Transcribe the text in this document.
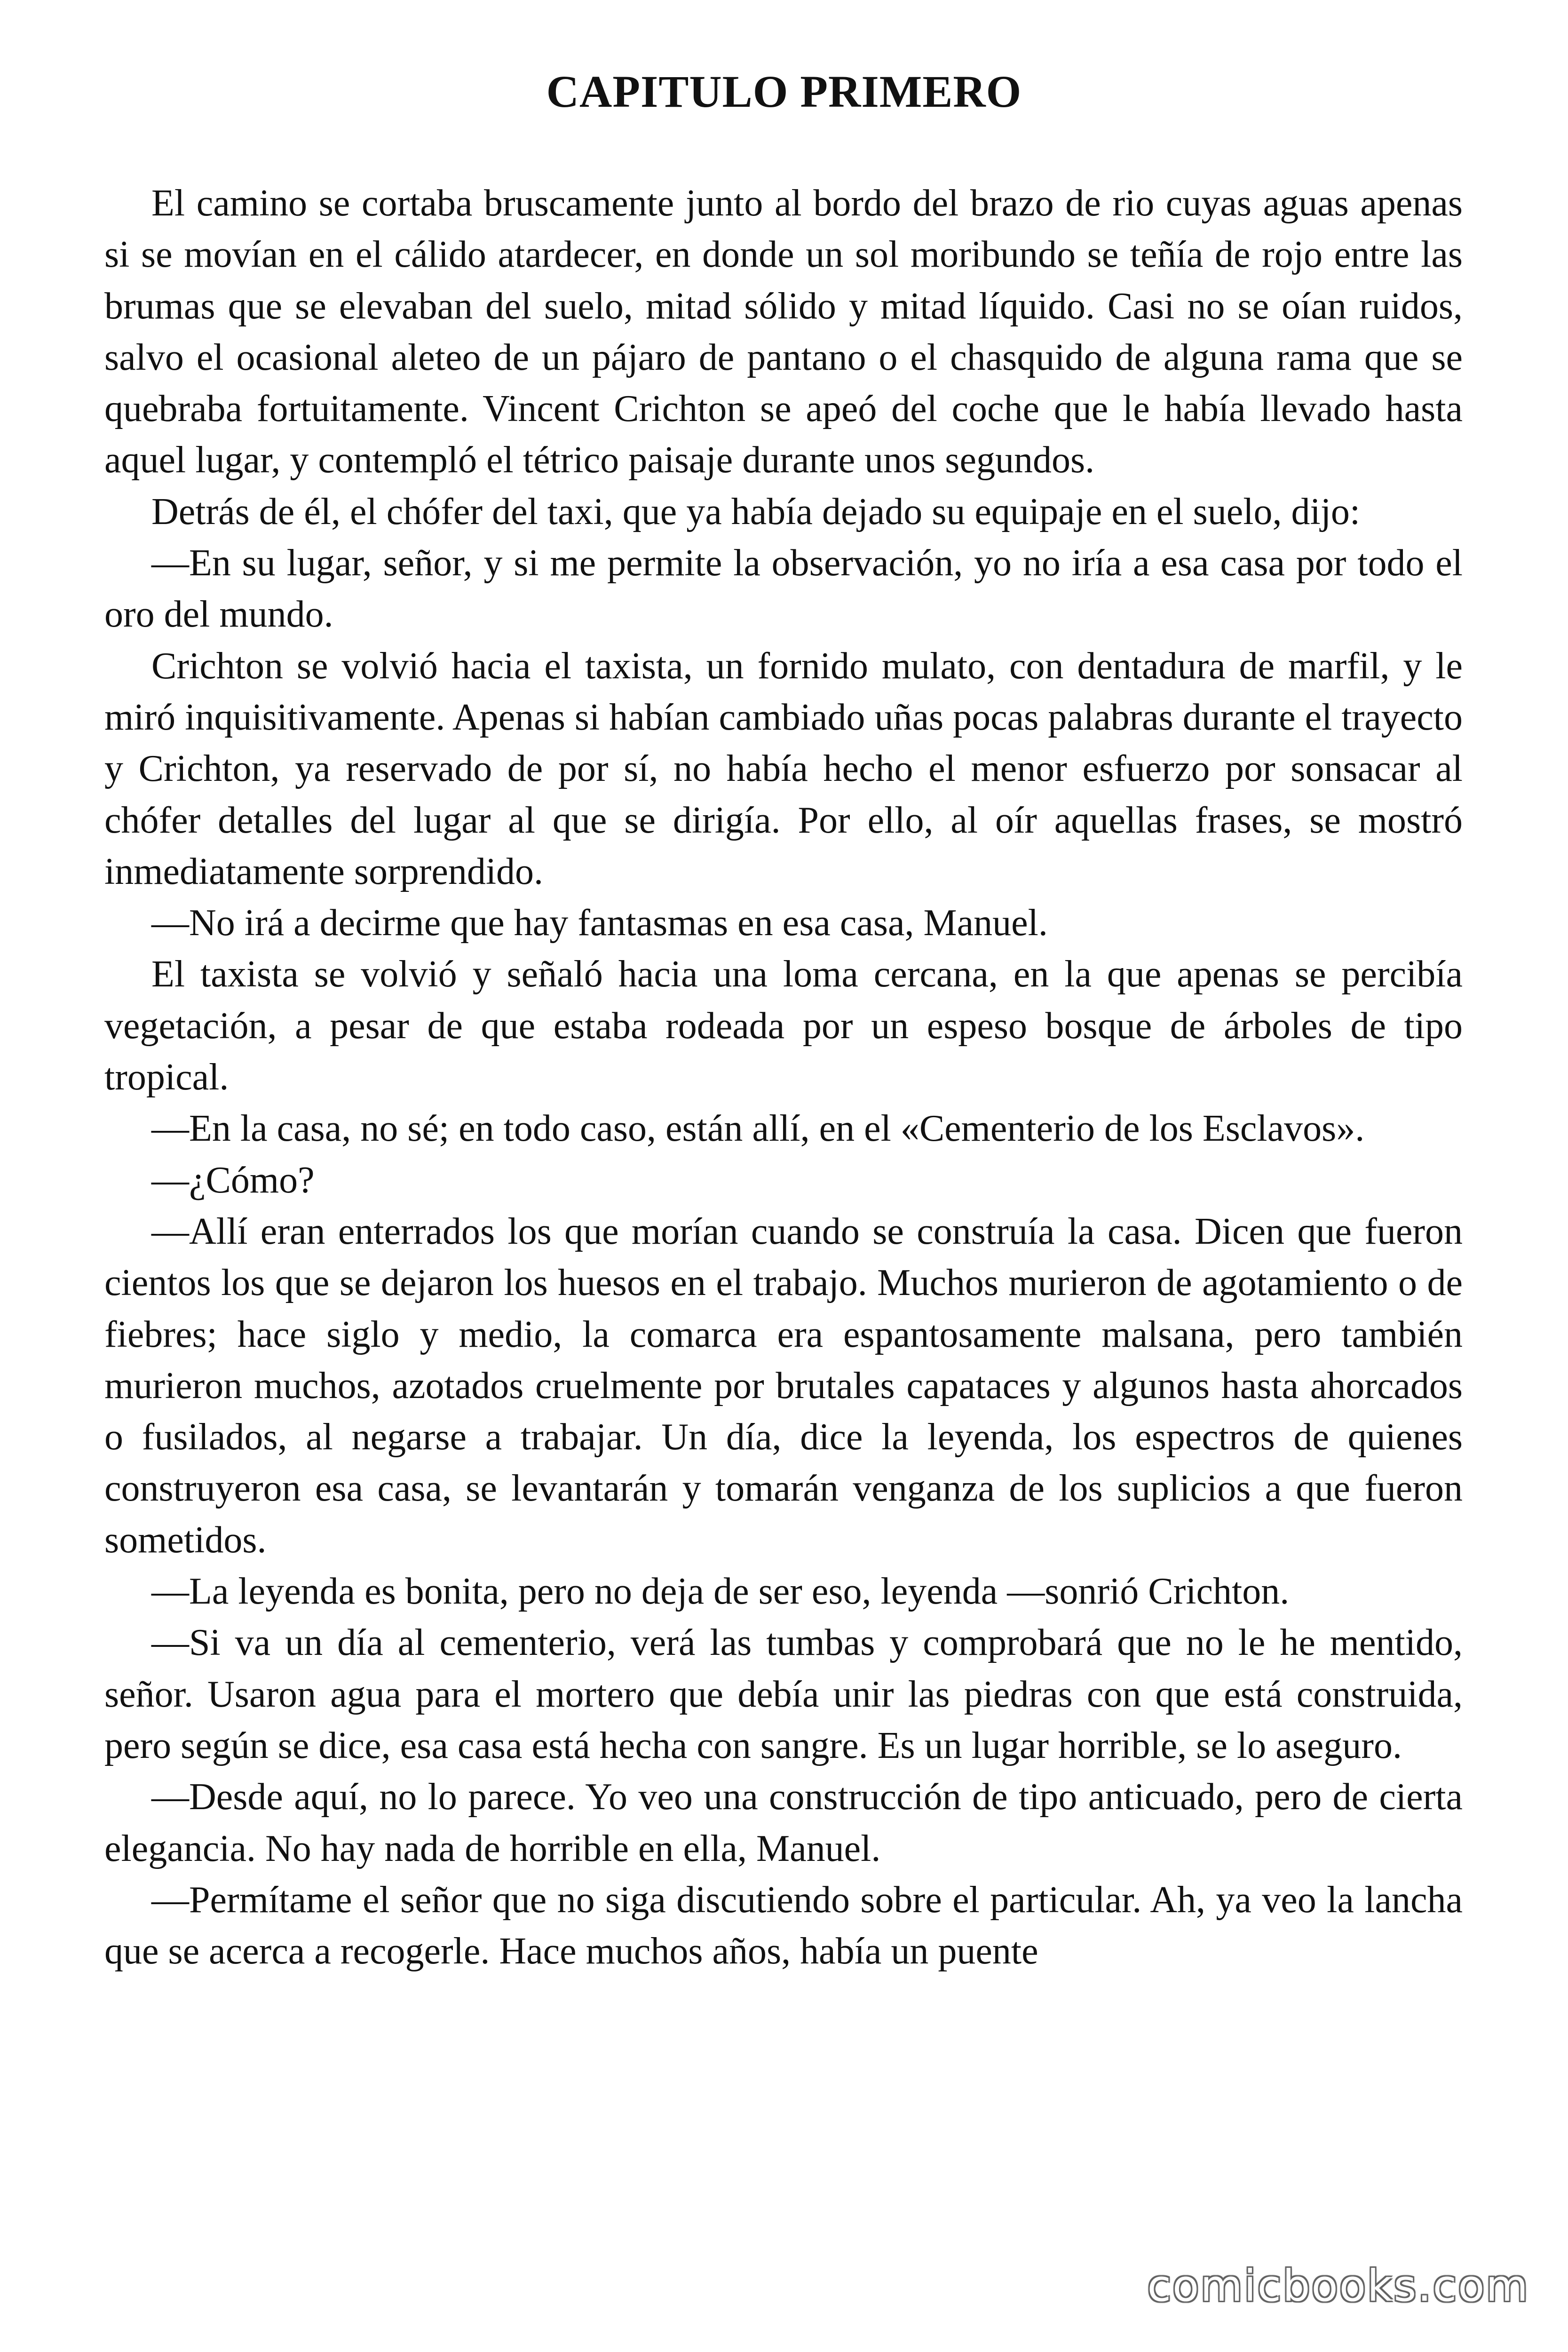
CAPITULO PRIMERO

El camino se cortaba bruscamente junto al bordo del brazo de rio cuyas aguas apenas si se movían en el cálido atardecer, en donde un sol moribundo se teñía de rojo entre las brumas que se elevaban del suelo, mitad sólido y mitad líquido. Casi no se oían ruidos, salvo el ocasional aleteo de un pájaro de pantano o el chasquido de alguna rama que se quebraba fortuitamente. Vincent Crichton se apeó del coche que le había llevado hasta aquel lugar, y contempló el tétrico paisaje durante unos segundos.

Detrás de él, el chófer del taxi, que ya había dejado su equipaje en el suelo, dijo:

—En su lugar, señor, y si me permite la observación, yo no iría a esa casa por todo el oro del mundo.

Crichton se volvió hacia el taxista, un fornido mulato, con dentadura de marfil, y le miró inquisitivamente. Apenas si habían cambiado uñas pocas palabras durante el trayecto y Crichton, ya reservado de por sí, no había hecho el menor esfuerzo por sonsacar al chófer detalles del lugar al que se dirigía. Por ello, al oír aquellas frases, se mostró inmediatamente sorprendido.

—No irá a decirme que hay fantasmas en esa casa, Manuel.

El taxista se volvió y señaló hacia una loma cercana, en la que apenas se percibía vegetación, a pesar de que estaba rodeada por un espeso bosque de árboles de tipo tropical.

—En la casa, no sé; en todo caso, están allí, en el «Cementerio de los Esclavos».

—¿Cómo?

—Allí eran enterrados los que morían cuando se construía la casa. Dicen que fueron cientos los que se dejaron los huesos en el trabajo. Muchos murieron de agotamiento o de fiebres; hace siglo y medio, la comarca era espantosamente malsana, pero también murieron muchos, azotados cruelmente por brutales capataces y algunos hasta ahorcados o fusilados, al negarse a trabajar. Un día, dice la leyenda, los espectros de quienes construyeron esa casa, se levantarán y tomarán venganza de los suplicios a que fueron sometidos.

—La leyenda es bonita, pero no deja de ser eso, leyenda —sonrió Crichton.

—Si va un día al cementerio, verá las tumbas y comprobará que no le he mentido, señor. Usaron agua para el mortero que debía unir las piedras con que está construida, pero según se dice, esa casa está hecha con sangre. Es un lugar horrible, se lo aseguro.

—Desde aquí, no lo parece. Yo veo una construcción de tipo anticuado, pero de cierta elegancia. No hay nada de horrible en ella, Manuel.

—Permítame el señor que no siga discutiendo sobre el particular. Ah, ya veo la lancha que se acerca a recogerle. Hace muchos años, había un puente

comicbooks.com
